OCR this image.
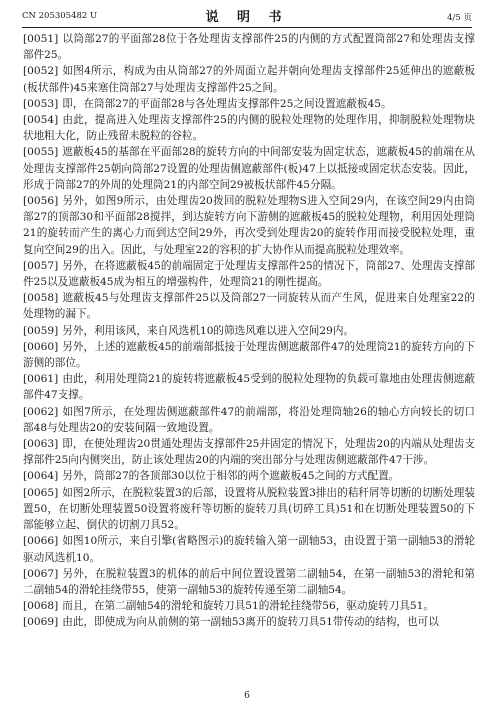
CN 205305482 U	说 明 书	4/5 页

[0051] 以筒部27的平面部28位于各处理齿支撑部件25的内侧的方式配置筒部27和处理齿支撑部件25。

[0052] 如图4所示，构成为由从筒部27的外周面立起并朝向处理齿支撑部件25延伸出的遮蔽板(板状部件)45来塞住筒部27与处理齿支撑部件25之间。

[0053] 即，在筒部27的平面部28与各处理齿支撑部件25之间设置遮蔽板45。

[0054] 由此，提高进入处理齿支撑部件25的内侧的脱粒处理物的处理作用，抑制脱粒处理物块状地粗大化，防止残留未脱粒的谷粒。

[0055] 遮蔽板45的基部在平面部28的旋转方向的中间部安装为固定状态，遮蔽板45的前端在从处理齿支撑部件25朝向筒部27设置的处理齿侧遮蔽部件(板)47上以抵接或固定状态安装。因此，形成于筒部27的外周的处理筒21的内部空间29被板状部件45分隔。

[0056] 另外，如图9所示，由处理齿20拨回的脱粒处理物S进入空间29内，在该空间29内由筒部27的顶部30和平面部28搅拌，到达旋转方向下游侧的遮蔽板45的脱粒处理物，利用因处理筒21的旋转而产生的离心力而到达空间29外，再次受到处理齿20的旋转作用而接受脱粒处理，重复向空间29的出入。因此，与处理室22的容积的扩大协作从而提高脱粒处理效率。

[0057] 另外，在将遮蔽板45的前端固定于处理齿支撑部件25的情况下，筒部27、处理齿支撑部件25以及遮蔽板45成为相互的增强构件，处理筒21的刚性提高。

[0058] 遮蔽板45与处理齿支撑部件25以及筒部27一同旋转从而产生风，促进来自处理室22的处理物的漏下。

[0059] 另外，利用该风，来自风选机10的筛选风难以进入空间29内。

[0060] 另外，上述的遮蔽板45的前端部抵接于处理齿侧遮蔽部件47的处理筒21的旋转方向的下游侧的部位。

[0061] 由此，利用处理筒21的旋转将遮蔽板45受到的脱粒处理物的负载可靠地由处理齿侧遮蔽部件47支撑。

[0062] 如图7所示，在处理齿侧遮蔽部件47的前端部，将沿处理筒轴26的轴心方向较长的切口部48与处理齿20的安装间隔一致地设置。

[0063] 即，在使处理齿20贯通处理齿支撑部件25并固定的情况下，处理齿20的内端从处理齿支撑部件25向内侧突出，防止该处理齿20的内端的突出部分与处理齿侧遮蔽部件47干涉。

[0064] 另外，筒部27的各顶部30以位于相邻的两个遮蔽板45之间的方式配置。

[0065] 如图2所示，在脱粒装置3的后部，设置将从脱粒装置3排出的秸秆屑等切断的切断处理装置50，在切断处理装置50设置将废秆等切断的旋转刀具(切碎工具)51和在切断处理装置50的下部能够立起、倒伏的切割刀具52。

[0066] 如图10所示，来自引擎(省略图示)的旋转输入第一副轴53，由设置于第一副轴53的滑轮驱动风选机10。

[0067] 另外，在脱粒装置3的机体的前后中间位置设置第二副轴54，在第一副轴53的滑轮和第二副轴54的滑轮挂绕带55，使第一副轴53的旋转传递至第二副轴54。

[0068] 而且，在第二副轴54的滑轮和旋转刀具51的滑轮挂绕带56，驱动旋转刀具51。

[0069] 由此，即使成为向从前侧的第一副轴53离开的旋转刀具51带传动的结构，也可以

6
